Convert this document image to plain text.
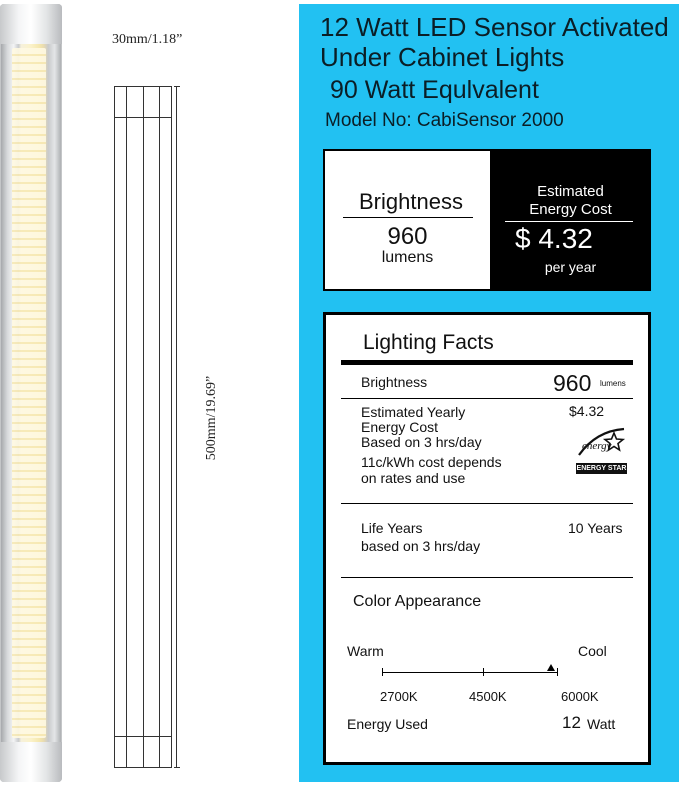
30mm/1.18”
500mm/19.69”
12 Watt LED Sensor Activated
Under Cabinet Lights
90 Watt Equlvalent
Model No: CabiSensor 2000
Brightness
960
lumens
Estimated
Energy Cost
$ 4.32
per year
Lighting Facts
Brightness	960 lumens
Estimated Yearly
Energy Cost
Based on 3 hrs/day
11c/kWh cost depends
on rates and use
$4.32
energy
ENERGY STAR
Life Years
based on 3 hrs/day
10 Years
Color Appearance
Warm	Cool
2700K	4500K	6000K
Energy Used	12 Watt
